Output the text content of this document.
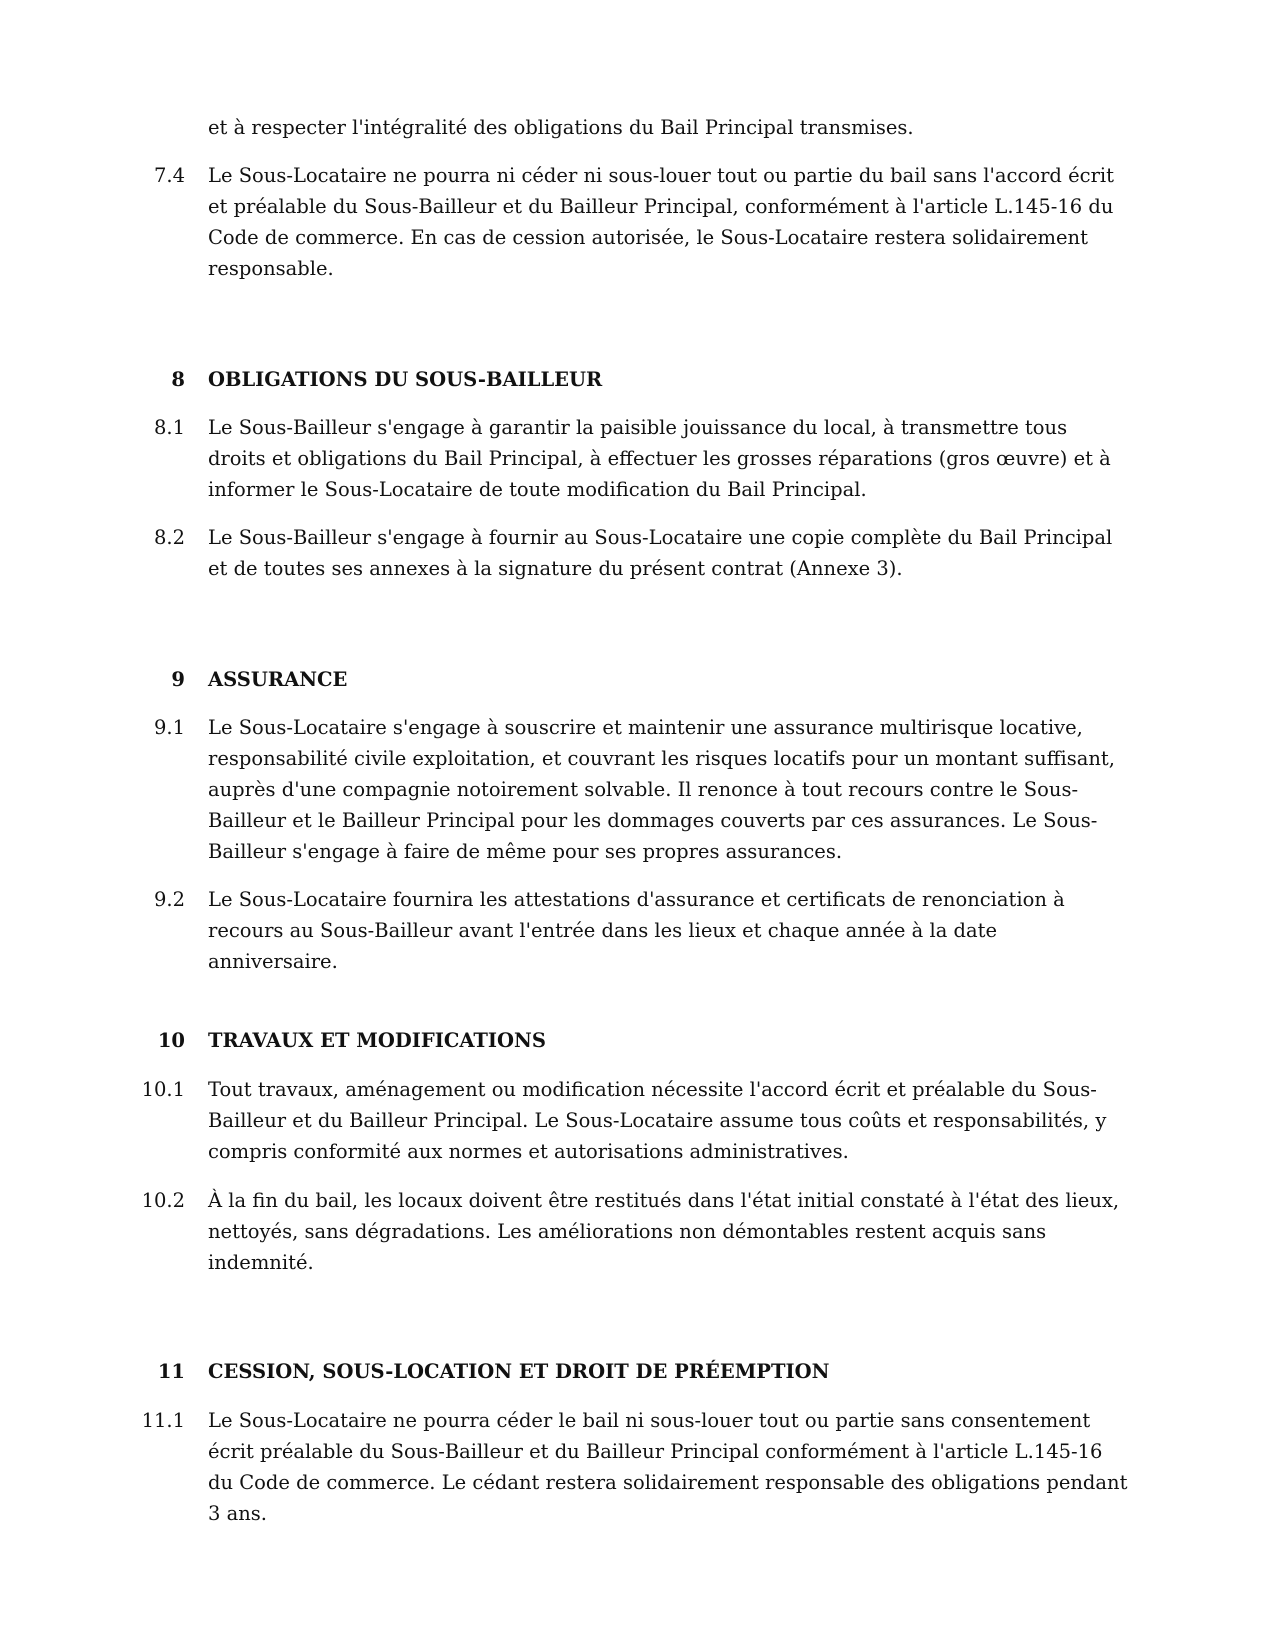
et à respecter l'intégralité des obligations du Bail Principal transmises.

7.4 Le Sous-Locataire ne pourra ni céder ni sous-louer tout ou partie du bail sans l'accord écrit et préalable du Sous-Bailleur et du Bailleur Principal, conformément à l'article L.145-16 du Code de commerce. En cas de cession autorisée, le Sous-Locataire restera solidairement responsable.

8 OBLIGATIONS DU SOUS-BAILLEUR

8.1 Le Sous-Bailleur s'engage à garantir la paisible jouissance du local, à transmettre tous droits et obligations du Bail Principal, à effectuer les grosses réparations (gros œuvre) et à informer le Sous-Locataire de toute modification du Bail Principal.

8.2 Le Sous-Bailleur s'engage à fournir au Sous-Locataire une copie complète du Bail Principal et de toutes ses annexes à la signature du présent contrat (Annexe 3).

9 ASSURANCE

9.1 Le Sous-Locataire s'engage à souscrire et maintenir une assurance multirisque locative, responsabilité civile exploitation, et couvrant les risques locatifs pour un montant suffisant, auprès d'une compagnie notoirement solvable. Il renonce à tout recours contre le Sous-Bailleur et le Bailleur Principal pour les dommages couverts par ces assurances. Le Sous-Bailleur s'engage à faire de même pour ses propres assurances.

9.2 Le Sous-Locataire fournira les attestations d'assurance et certificats de renonciation à recours au Sous-Bailleur avant l'entrée dans les lieux et chaque année à la date anniversaire.

10 TRAVAUX ET MODIFICATIONS

10.1 Tout travaux, aménagement ou modification nécessite l'accord écrit et préalable du Sous-Bailleur et du Bailleur Principal. Le Sous-Locataire assume tous coûts et responsabilités, y compris conformité aux normes et autorisations administratives.

10.2 À la fin du bail, les locaux doivent être restitués dans l'état initial constaté à l'état des lieux, nettoyés, sans dégradations. Les améliorations non démontables restent acquis sans indemnité.

11 CESSION, SOUS-LOCATION ET DROIT DE PRÉEMPTION

11.1 Le Sous-Locataire ne pourra céder le bail ni sous-louer tout ou partie sans consentement écrit préalable du Sous-Bailleur et du Bailleur Principal conformément à l'article L.145-16 du Code de commerce. Le cédant restera solidairement responsable des obligations pendant 3 ans.
